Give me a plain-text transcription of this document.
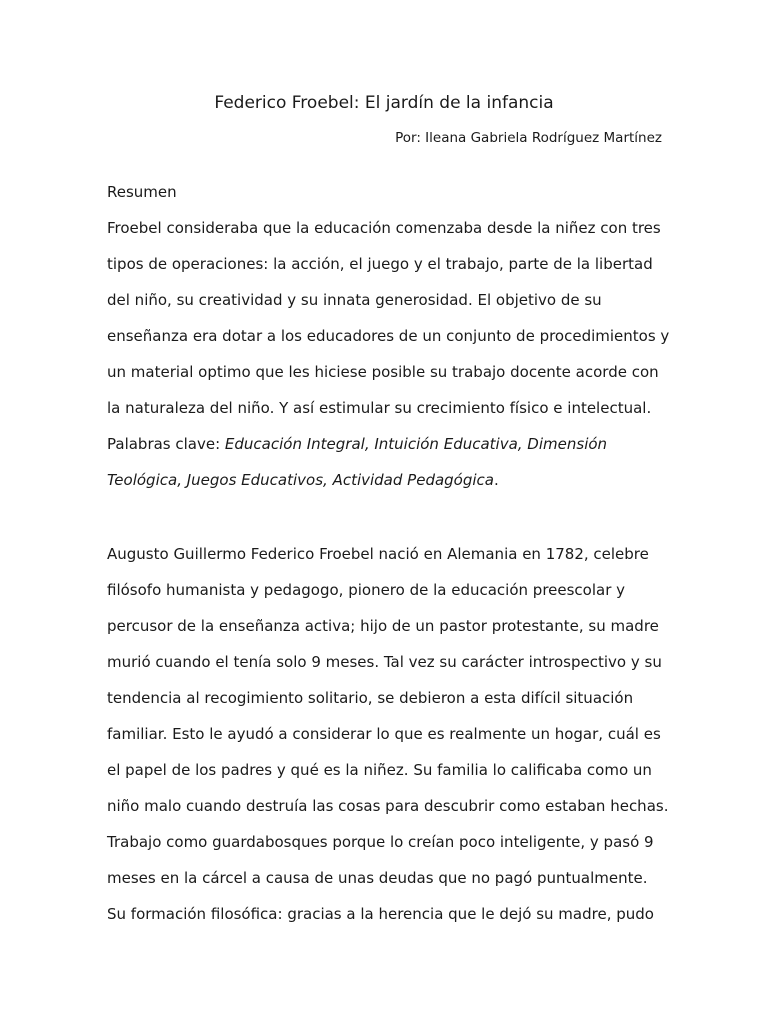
Federico Froebel: El jardín de la infancia
Por: Ileana Gabriela Rodríguez Martínez
Resumen
Froebel consideraba que la educación comenzaba desde la niñez con tres
tipos de operaciones: la acción, el juego y el trabajo, parte de la libertad
del niño, su creatividad y su innata generosidad. El objetivo de su
enseñanza era dotar a los educadores de un conjunto de procedimientos y
un material optimo que les hiciese posible su trabajo docente acorde con
la naturaleza del niño. Y así estimular su crecimiento físico e intelectual.
Palabras clave: Educación Integral, Intuición Educativa, Dimensión
Teológica, Juegos Educativos, Actividad Pedagógica.
Augusto Guillermo Federico Froebel nació en Alemania en 1782, celebre
filósofo humanista y pedagogo, pionero de la educación preescolar y
percusor de la enseñanza activa; hijo de un pastor protestante, su madre
murió cuando el tenía solo 9 meses. Tal vez su carácter introspectivo y su
tendencia al recogimiento solitario, se debieron a esta difícil situación
familiar. Esto le ayudó a considerar lo que es realmente un hogar, cuál es
el papel de los padres y qué es la niñez. Su familia lo calificaba como un
niño malo cuando destruía las cosas para descubrir como estaban hechas.
Trabajo como guardabosques porque lo creían poco inteligente, y pasó 9
meses en la cárcel a causa de unas deudas que no pagó puntualmente.
Su formación filosófica: gracias a la herencia que le dejó su madre, pudo
